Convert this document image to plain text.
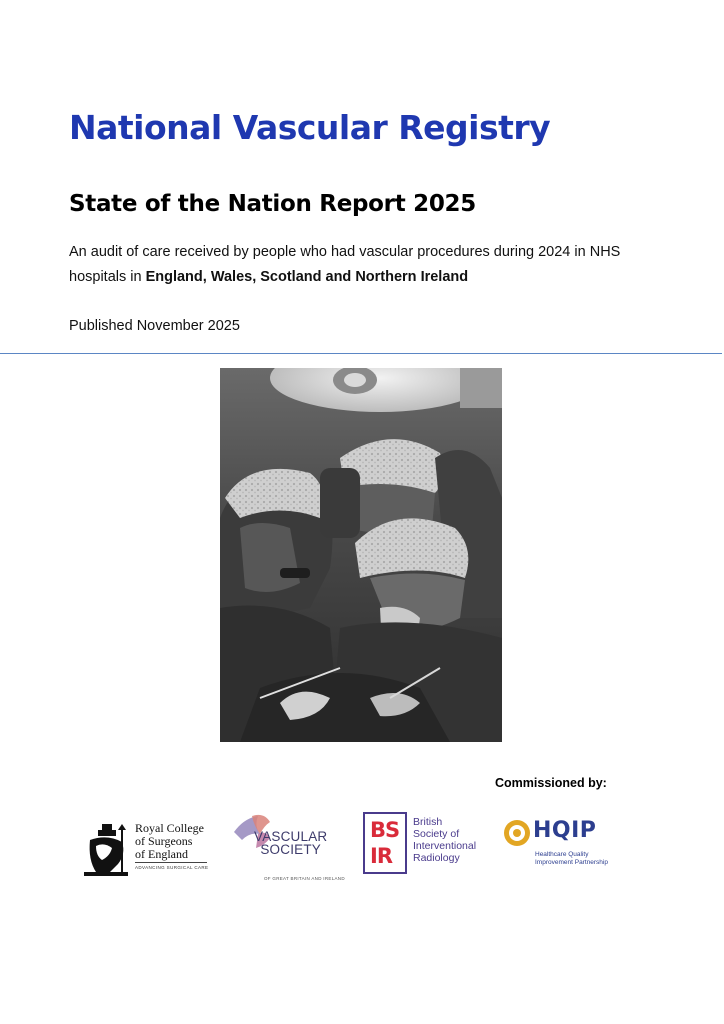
National Vascular Registry
State of the Nation Report 2025

An audit of care received by people who had vascular procedures during 2024 in NHS hospitals in England, Wales, Scotland and Northern Ireland

Published November 2025

Commissioned by:

Royal College
of Surgeons
of England
ADVANCING SURGICAL CARE
VASCULAR
SOCIETY
OF GREAT BRITAIN AND IRELAND
BS
IR
British
Society of
Interventional
Radiology
HQIP
Healthcare Quality
Improvement Partnership
